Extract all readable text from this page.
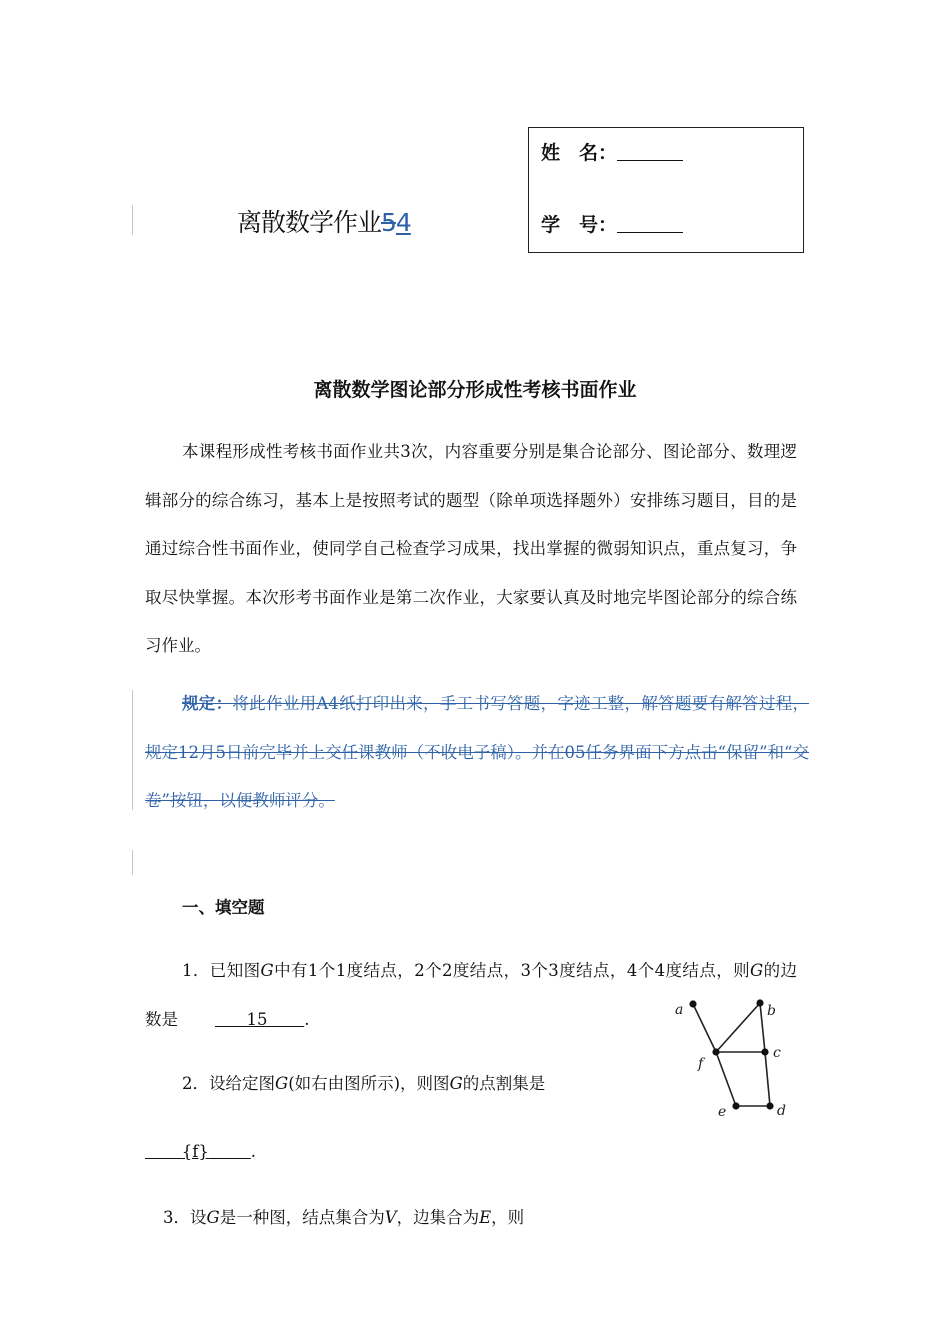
离散数学作业54
姓　名：
学　号：
离散数学图论部分形成性考核书面作业
本课程形成性考核书面作业共3次，内容重要分别是集合论部分、图论部分、数理逻辑部分的综合练习，基本上是按照考试的题型（除单项选择题外）安排练习题目，目的是通过综合性书面作业，使同学自己检查学习成果，找出掌握的微弱知识点，重点复习，争取尽快掌握。本次形考书面作业是第二次作业，大家要认真及时地完毕图论部分的综合练习作业。
规定：将此作业用A4纸打印出来，手工书写答题，字迹工整，解答题要有解答过程，规定12月5日前完毕并上交任课教师（不收电子稿）。并在05任务界面下方点击“保留”和“交卷”按钮，以便教师评分。
一、填空题
1．已知图G中有1个1度结点，2个2度结点，3个3度结点，4个4度结点，则G的边数是	15 .
2．设给定图G(如右由图所示)，则图G的点割集是
{f}	.
3．设G是一种图，结点集合为V，边集合为E，则
a	b
c
d
e
f
